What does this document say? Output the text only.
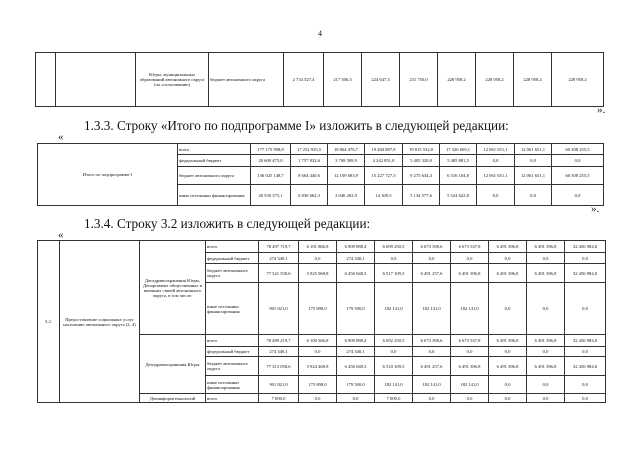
4
		Югры, муниципальных образований автономного округа (по согласованию)	бюджет автономного округа	2 734 527,4	217 506,3	224 647,3	231 750,0	228 958,2	228 958,2	228 958,2	228 958,2	
».
1.3.3. Строку «Итого по подпрограмме I» изложить в следующей редакции:
«
Итого по подпрограмме I	всего	177 175 998,8	17 252 935,5	18 864 476,7	19 484 887,8	19 815 532,0	17 326 609,1	12 061 651,1	12 061 651,1	60 308 255,5
	федеральный бюджет	20 600 475,0	1 757 832,6	3 708 589,9	4 242 851,0	5 405 320,0	5 485 881,5	0,0	0,0	0,0
	бюджет автономного округа	136 025 148,7	8 664 440,6	12 109 683,9	15 227 727,3	9 275 634,4	6 316 104,8	12 061 651,1	12 061 651,1	60 308 255,5
	иные источники финансирования	20 550 375,1	6 830 662,3	3 046 202,9	14 309,5	5 134 577,6	5 524 622,8	0,0	0,0	0,0
».
1.3.4. Строку 3.2 изложить в следующей редакции:
«
3.2.	Предоставление социальных услуг населению автономного округа (2, 4)	Депздравоохранения Югры, Департамент общественных и внешних связей автономного округа, в том числе:	всего	78 497 719,7	6 101 866,8	6 909 888,4	6 699 250,5	6 673 398,6	6 673 537,8	6 491 396,8	6 491 396,8	32 456 984,0
			федеральный бюджет	274 340,1	0,0	274 340,1	0,0	0,0	0,0	0,0	0,0	0,0
			бюджет автономного округа	77 321 558,6	5 925 968,8	6 456 048,3	6 517 109,5	6 491 257,6	6 491 396,8	6 491 396,8	6 491 396,8	32 456 984,0
			иные источники финансирования	901 821,0	175 898,0	179 500,0	182 141,0	182 141,0	182 141,0	0,0	0,0	0,0
		Депздравоохранения Югры	всего	78 489 219,7	6 100 366,8	6 909 888,4	6 692 250,5	6 673 398,6	6 673 537,8	6 491 396,8	6 491 396,8	32 456 984,0
			федеральный бюджет	274 340,1	0,0	274 340,1	0,0	0,0	0,0	0,0	0,0	0,0
			бюджет автономного округа	77 313 058,6	5 924 468,8	6 456 048,3	6 510 109,5	6 491 257,6	6 491 396,8	6 491 396,8	6 491 396,8	32 456 984,0
			иные источники финансирования	901 821,0	175 898,0	179 500,0	182 141,0	182 141,0	182 141,0	0,0	0,0	0,0
		Депинформтехнологий	всего	7 000,0	0,0	0,0	7 000,0	0,0	0,0	0,0	0,0	0,0
